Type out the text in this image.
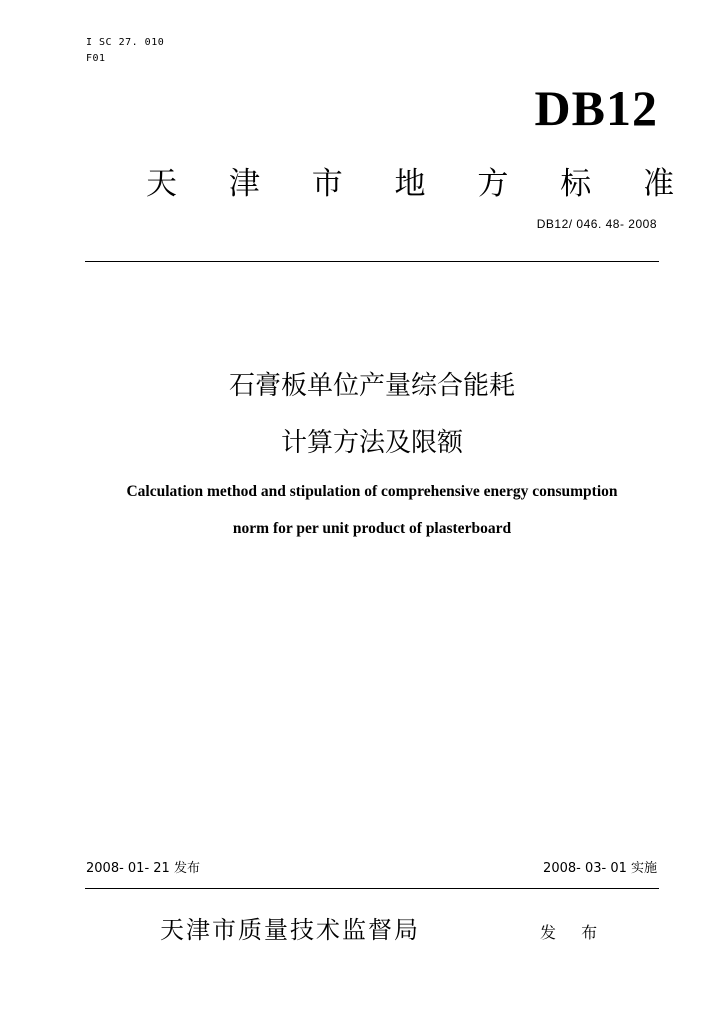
I SC 27. 010
F01
DB12
天 津 市 地 方 标 准
DB12/ 046. 48- 2008
石膏板单位产量综合能耗
计算方法及限额
Calculation method and stipulation of comprehensive energy consumption
norm for per unit product of plasterboard
2008- 01- 21 发布	2008- 03- 01 实施
天津市质量技术监督局	发 布
